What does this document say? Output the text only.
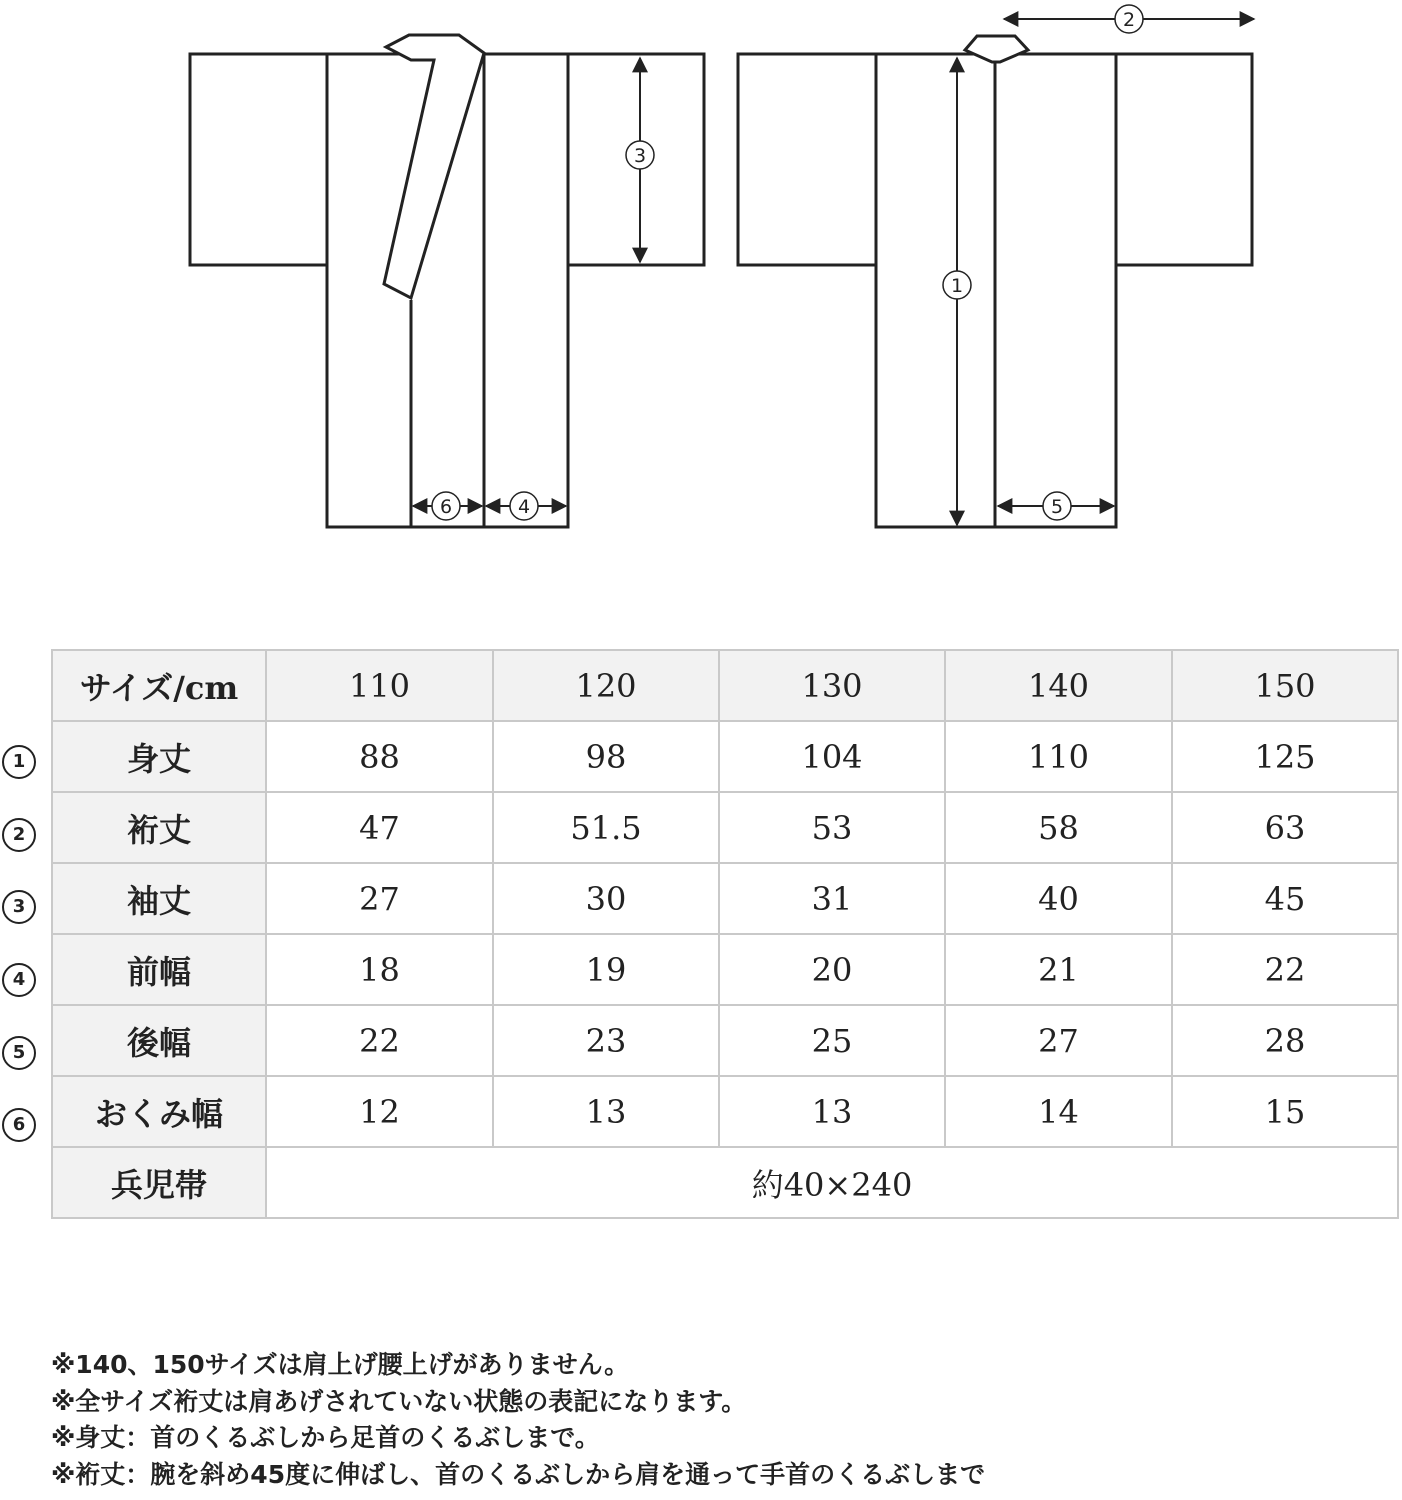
3
6	4
1
2
5
1
2
3
4
5
6
サイズ/cm	110	120	130	140	150
身丈	88	98	104	110	125
裄丈	47	51.5	53	58	63
袖丈	27	30	31	40	45
前幅	18	19	20	21	22
後幅	22	23	25	27	28
おくみ幅	12	13	13	14	15
兵児帯	約40×240				
※140、150サイズは肩上げ腰上げがありません。
※全サイズ裄丈は肩あげされていない状態の表記になります。
※身丈：首のくるぶしから足首のくるぶしまで。
※裄丈：腕を斜め45度に伸ばし、首のくるぶしから肩を通って手首のくるぶしまで
